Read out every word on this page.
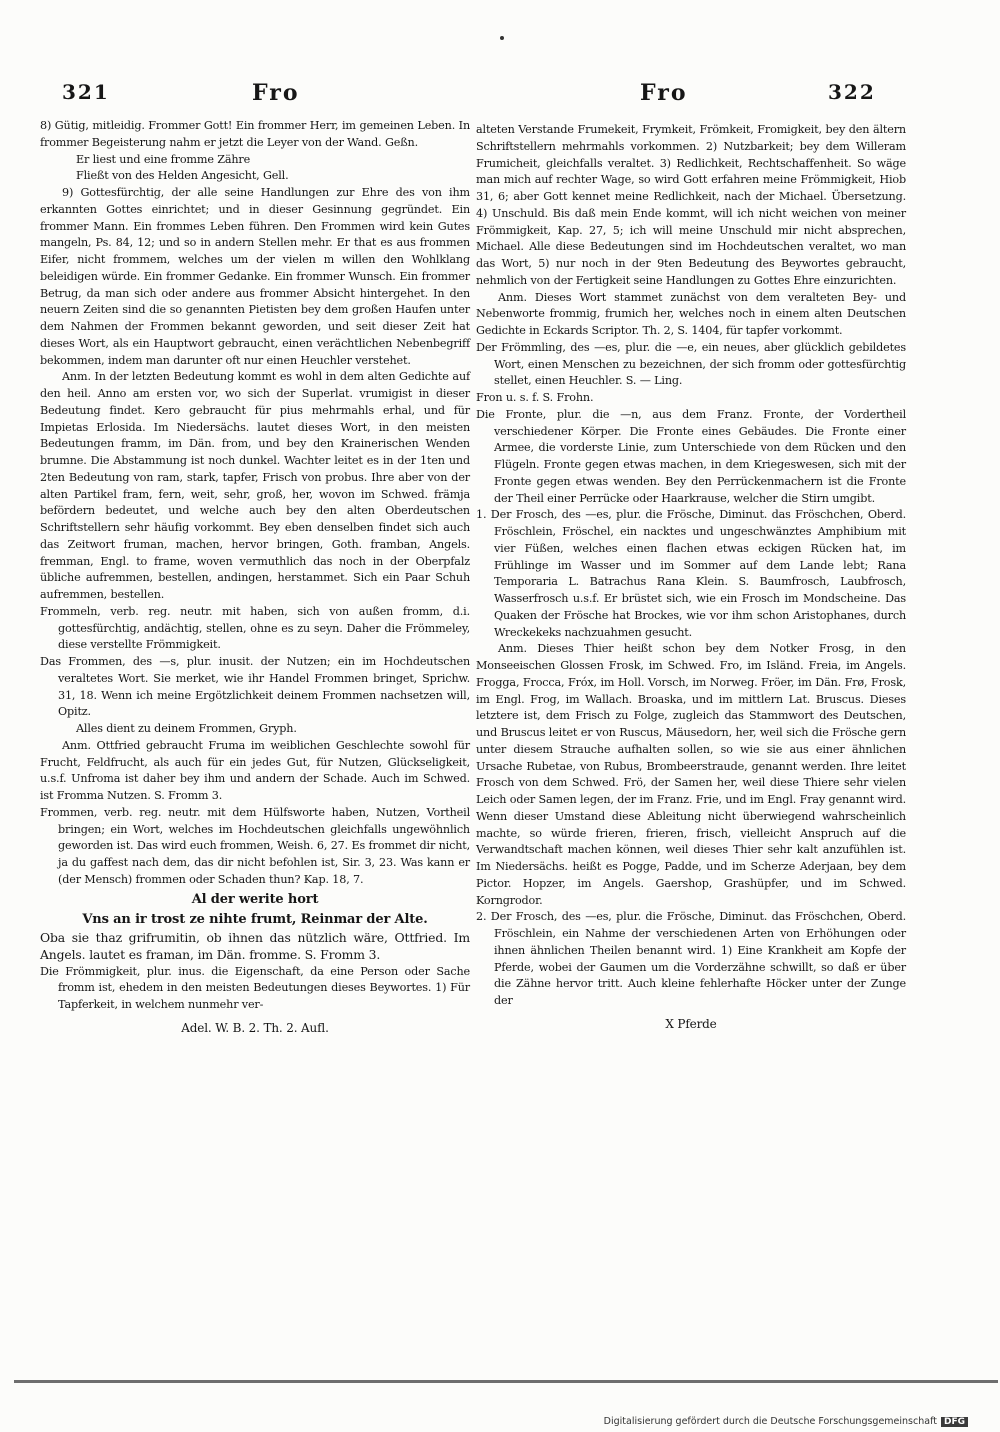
321	Fro	Fro	322

8) Gütig, mitleidig. Frommer Gott! Ein frommer Herr, im gemeinen Leben. In frommer Begeisterung nahm er jetzt die Leyer von der Wand. Geßn.

Er liest und eine fromme Zähre

Fließt von des Helden Angesicht, Gell.

9) Gottesfürchtig, der alle seine Handlungen zur Ehre des von ihm erkannten Gottes einrichtet; und in dieser Gesinnung gegründet. Ein frommer Mann. Ein frommes Leben führen. Den Frommen wird kein Gutes mangeln, Ps. 84, 12; und so in andern Stellen mehr. Er that es aus frommen Eifer, nicht frommem, welches um der vielen m willen den Wohlklang beleidigen würde. Ein frommer Gedanke. Ein frommer Wunsch. Ein frommer Betrug, da man sich oder andere aus frommer Absicht hintergehet. In den neuern Zeiten sind die so genannten Pietisten bey dem großen Haufen unter dem Nahmen der Frommen bekannt geworden, und seit dieser Zeit hat dieses Wort, als ein Hauptwort gebraucht, einen verächtlichen Nebenbegriff bekommen, indem man darunter oft nur einen Heuchler verstehet.

Anm. In der letzten Bedeutung kommt es wohl in dem alten Gedichte auf den heil. Anno am ersten vor, wo sich der Superlat. vrumigist in dieser Bedeutung findet. Kero gebraucht für pius mehrmahls erhal, und für Impietas Erlosida. Im Niedersächs. lautet dieses Wort, in den meisten Bedeutungen framm, im Dän. from, und bey den Krainerischen Wenden brumne. Die Abstammung ist noch dunkel. Wachter leitet es in der 1ten und 2ten Bedeutung von ram, stark, tapfer, Frisch von probus. Ihre aber von der alten Partikel fram, fern, weit, sehr, groß, her, wovon im Schwed. främja befördern bedeutet, und welche auch bey den alten Oberdeutschen Schriftstellern sehr häufig vorkommt. Bey eben denselben findet sich auch das Zeitwort fruman, machen, hervor bringen, Goth. framban, Angels. fremman, Engl. to frame, woven vermuthlich das noch in der Oberpfalz übliche aufremmen, bestellen, andingen, herstammet. Sich ein Paar Schuh aufremmen, bestellen.

Frommeln, verb. reg. neutr. mit haben, sich von außen fromm, d.i. gottesfürchtig, andächtig, stellen, ohne es zu seyn. Daher die Frömmeley, diese verstellte Frömmigkeit.

Das Frommen, des —s, plur. inusit. der Nutzen; ein im Hochdeutschen veraltetes Wort. Sie merket, wie ihr Handel Frommen bringet, Sprichw. 31, 18. Wenn ich meine Ergötzlichkeit deinem Frommen nachsetzen will, Opitz.

Alles dient zu deinem Frommen, Gryph.

Anm. Ottfried gebraucht Fruma im weiblichen Geschlechte sowohl für Frucht, Feldfrucht, als auch für ein jedes Gut, für Nutzen, Glückseligkeit, u.s.f. Unfroma ist daher bey ihm und andern der Schade. Auch im Schwed. ist Fromma Nutzen. S. Fromm 3.

Frommen, verb. reg. neutr. mit dem Hülfsworte haben, Nutzen, Vortheil bringen; ein Wort, welches im Hochdeutschen gleichfalls ungewöhnlich geworden ist. Das wird euch frommen, Weish. 6, 27. Es frommet dir nicht, ja du gaffest nach dem, das dir nicht befohlen ist, Sir. 3, 23. Was kann er (der Mensch) frommen oder Schaden thun? Kap. 18, 7.

Al der werite hort

Vns an ir trost ze nihte frumt, Reinmar der Alte.

Oba sie thaz grifrumitin, ob ihnen das nützlich wäre, Ottfried. Im Angels. lautet es framan, im Dän. fromme. S. Fromm 3.

Die Frömmigkeit, plur. inus. die Eigenschaft, da eine Person oder Sache fromm ist, ehedem in den meisten Bedeutungen dieses Beywortes. 1) Für Tapferkeit, in welchem nunmehr ver-

Adel. W. B. 2. Th. 2. Aufl.

alteten Verstande Frumekeit, Frymkeit, Frömkeit, Fromigkeit, bey den ältern Schriftstellern mehrmahls vorkommen. 2) Nutzbarkeit; bey dem Willeram Frumicheit, gleichfalls veraltet. 3) Redlichkeit, Rechtschaffenheit. So wäge man mich auf rechter Wage, so wird Gott erfahren meine Frömmigkeit, Hiob 31, 6; aber Gott kennet meine Redlichkeit, nach der Michael. Übersetzung. 4) Unschuld. Bis daß mein Ende kommt, will ich nicht weichen von meiner Frömmigkeit, Kap. 27, 5; ich will meine Unschuld mir nicht absprechen, Michael. Alle diese Bedeutungen sind im Hochdeutschen veraltet, wo man das Wort, 5) nur noch in der 9ten Bedeutung des Beywortes gebraucht, nehmlich von der Fertigkeit seine Handlungen zu Gottes Ehre einzurichten.

Anm. Dieses Wort stammet zunächst von dem veralteten Bey- und Nebenworte frommig, frumich her, welches noch in einem alten Deutschen Gedichte in Eckards Scriptor. Th. 2, S. 1404, für tapfer vorkommt.

Der Frömmling, des —es, plur. die —e, ein neues, aber glücklich gebildetes Wort, einen Menschen zu bezeichnen, der sich fromm oder gottesfürchtig stellet, einen Heuchler. S. — Ling.

Fron u. s. f. S. Frohn.

Die Fronte, plur. die —n, aus dem Franz. Fronte, der Vordertheil verschiedener Körper. Die Fronte eines Gebäudes. Die Fronte einer Armee, die vorderste Linie, zum Unterschiede von dem Rücken und den Flügeln. Fronte gegen etwas machen, in dem Kriegeswesen, sich mit der Fronte gegen etwas wenden. Bey den Perrückenmachern ist die Fronte der Theil einer Perrücke oder Haarkrause, welcher die Stirn umgibt.

1. Der Frosch, des —es, plur. die Frösche, Diminut. das Fröschchen, Oberd. Fröschlein, Fröschel, ein nacktes und ungeschwänztes Amphibium mit vier Füßen, welches einen flachen etwas eckigen Rücken hat, im Frühlinge im Wasser und im Sommer auf dem Lande lebt; Rana Temporaria L. Batrachus Rana Klein. S. Baumfrosch, Laubfrosch, Wasserfrosch u.s.f. Er brüstet sich, wie ein Frosch im Mondscheine. Das Quaken der Frösche hat Brockes, wie vor ihm schon Aristophanes, durch Wreckekeks nachzuahmen gesucht.

Anm. Dieses Thier heißt schon bey dem Notker Frosg, in den Monseeischen Glossen Frosk, im Schwed. Fro, im Isländ. Freia, im Angels. Frogga, Frocca, Fróx, im Holl. Vorsch, im Norweg. Fröer, im Dän. Frø, Frosk, im Engl. Frog, im Wallach. Broaska, und im mittlern Lat. Bruscus. Dieses letztere ist, dem Frisch zu Folge, zugleich das Stammwort des Deutschen, und Bruscus leitet er von Ruscus, Mäusedorn, her, weil sich die Frösche gern unter diesem Strauche aufhalten sollen, so wie sie aus einer ähnlichen Ursache Rubetae, von Rubus, Brombeerstraude, genannt werden. Ihre leitet Frosch von dem Schwed. Frö, der Samen her, weil diese Thiere sehr vielen Leich oder Samen legen, der im Franz. Frie, und im Engl. Fray genannt wird. Wenn dieser Umstand diese Ableitung nicht überwiegend wahrscheinlich machte, so würde frieren, frieren, frisch, vielleicht Anspruch auf die Verwandtschaft machen können, weil dieses Thier sehr kalt anzufühlen ist. Im Niedersächs. heißt es Pogge, Padde, und im Scherze Aderjaan, bey dem Pictor. Hopzer, im Angels. Gaershop, Grashüpfer, und im Schwed. Korngrodor.

2. Der Frosch, des —es, plur. die Frösche, Diminut. das Fröschchen, Oberd. Fröschlein, ein Nahme der verschiedenen Arten von Erhöhungen oder ihnen ähnlichen Theilen benannt wird. 1) Eine Krankheit am Kopfe der Pferde, wobei der Gaumen um die Vorderzähne schwillt, so daß er über die Zähne hervor tritt. Auch kleine fehlerhafte Höcker unter der Zunge der

X Pferde

Digitalisierung gefördert durch die Deutsche Forschungsgemeinschaft DFG
